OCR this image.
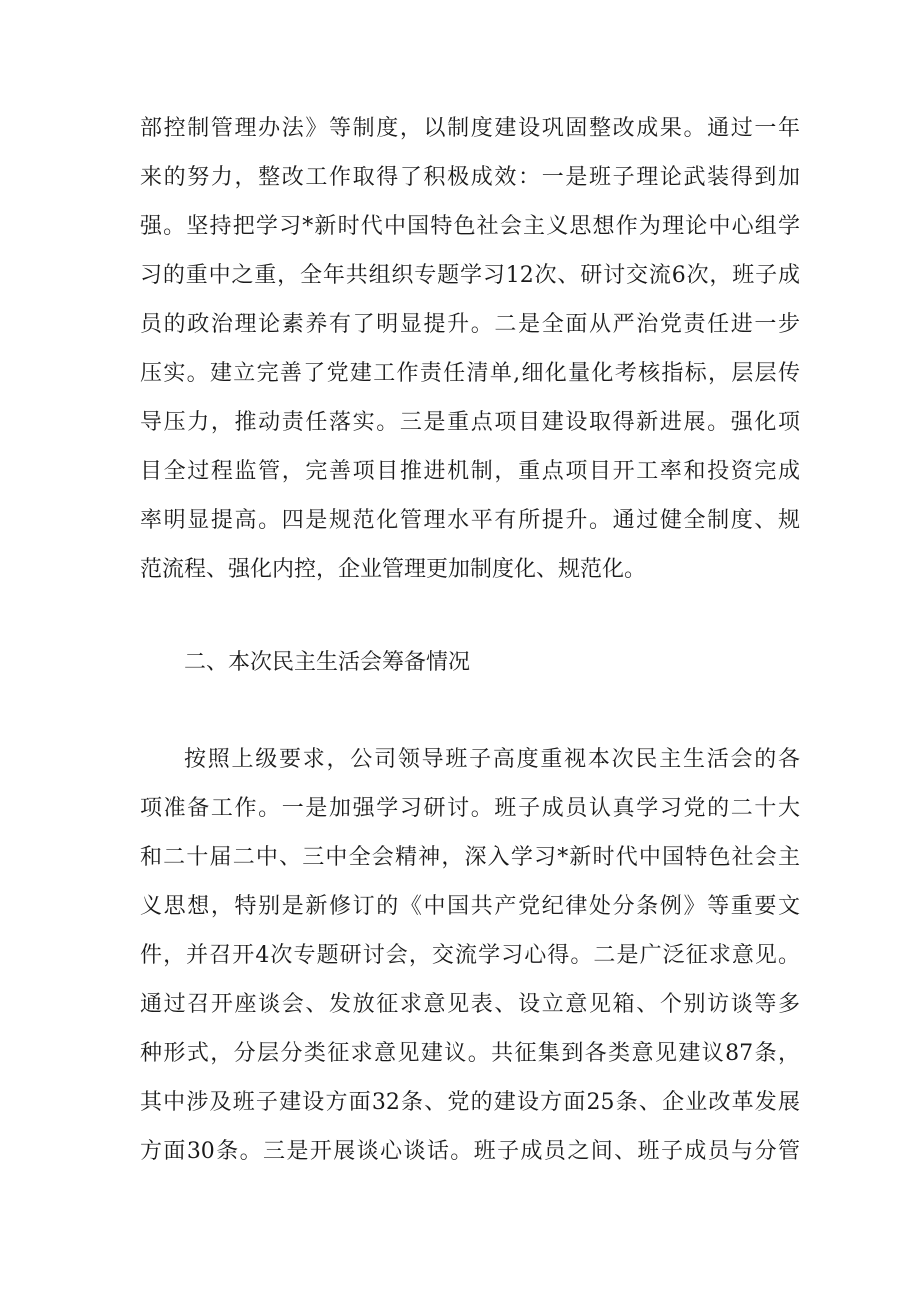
部控制管理办法》等制度，以制度建设巩固整改成果。通过一年
来的努力，整改工作取得了积极成效：一是班子理论武装得到加
强。坚持把学习*新时代中国特色社会主义思想作为理论中心组学
习的重中之重，全年共组织专题学习12次、研讨交流6次，班子成
员的政治理论素养有了明显提升。二是全面从严治党责任进一步
压实。建立完善了党建工作责任清单,细化量化考核指标，层层传
导压力，推动责任落实。三是重点项目建设取得新进展。强化项
目全过程监管，完善项目推进机制，重点项目开工率和投资完成
率明显提高。四是规范化管理水平有所提升。通过健全制度、规
范流程、强化内控，企业管理更加制度化、规范化。
二、本次民主生活会筹备情况
按照上级要求，公司领导班子高度重视本次民主生活会的各
项准备工作。一是加强学习研讨。班子成员认真学习党的二十大
和二十届二中、三中全会精神，深入学习*新时代中国特色社会主
义思想，特别是新修订的《中国共产党纪律处分条例》等重要文
件，并召开4次专题研讨会，交流学习心得。二是广泛征求意见。
通过召开座谈会、发放征求意见表、设立意见箱、个别访谈等多
种形式，分层分类征求意见建议。共征集到各类意见建议87条，
其中涉及班子建设方面32条、党的建设方面25条、企业改革发展
方面30条。三是开展谈心谈话。班子成员之间、班子成员与分管
